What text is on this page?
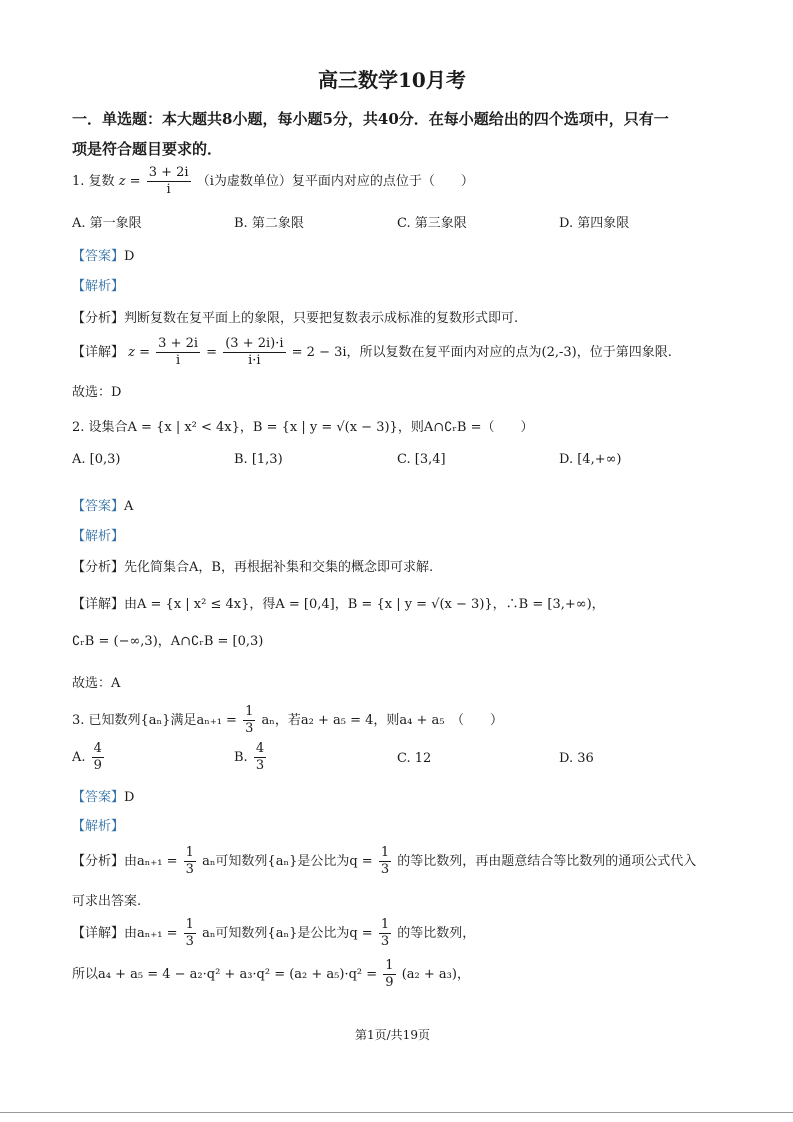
高三数学10月考
一．单选题：本大题共8小题，每小题5分，共40分．在每小题给出的四个选项中，只有一
项是符合题目要求的．
1. 复数 $z = \frac{3 + 2i}{i} (i$为虚数单位）复平面内对应的点位于（　　）
A. 第一象限	B. 第二象限	C. 第三象限	D. 第四象限
【答案】D
【解析】
【分析】判断复数在复平面上的象限，只要把复数表示成标准的复数形式即可.
【详解】 $z = \frac{3 + 2i}{i} = \frac{(3 + 2i)\cdot i}{i\cdot i} = 2 - 3i$，所以复数在复平面内对应的点为(2,-3)，位于第四象限.
故选：D
2. 设集合A = {x | x² < 4x}，B = {x | y = √(x − 3)}，则A∩∁ᵣB =（　　）
A. [0,3)	B. [1,3)	C. [3,4]	D. [4,+∞)
【答案】A
【解析】
【分析】先化简集合A，B，再根据补集和交集的概念即可求解.
【详解】由A = {x | x² ≤ 4x}，得A = [0,4]，B = {x | y = √(x − 3)}，∴B = [3,+∞)，
∁ᵣB = (−∞,3)，A∩∁ᵣB = [0,3)
故选：A
3. 已知数列{aₙ}满足$a_{n+1} = \frac{1}{3}$ aₙ，若a₂ + a₅ = 4，则a₄ + a₅　（　　）
A. $\frac{4}{9}$	B. $\frac{4}{3}$	C. 12	D. 36
【答案】D
【解析】
【分析】由$a_{n+1} = \frac{1}{3}$ aₙ可知数列{aₙ}是公比为$q = \frac{1}{3}$ 的等比数列，再由题意结合等比数列的通项公式代入
可求出答案.
【详解】由$a_{n+1} = \frac{1}{3}$ aₙ可知数列{aₙ}是公比为$q = \frac{1}{3}$ 的等比数列，
所以$a_4 + a_5 = 4 - a_2\cdot q^2 + a_3\cdot q^2 = (a_2 + a_5)\cdot q^2 = \frac{1}{9} (a_2 + a_3)$，
第1页/共19页
